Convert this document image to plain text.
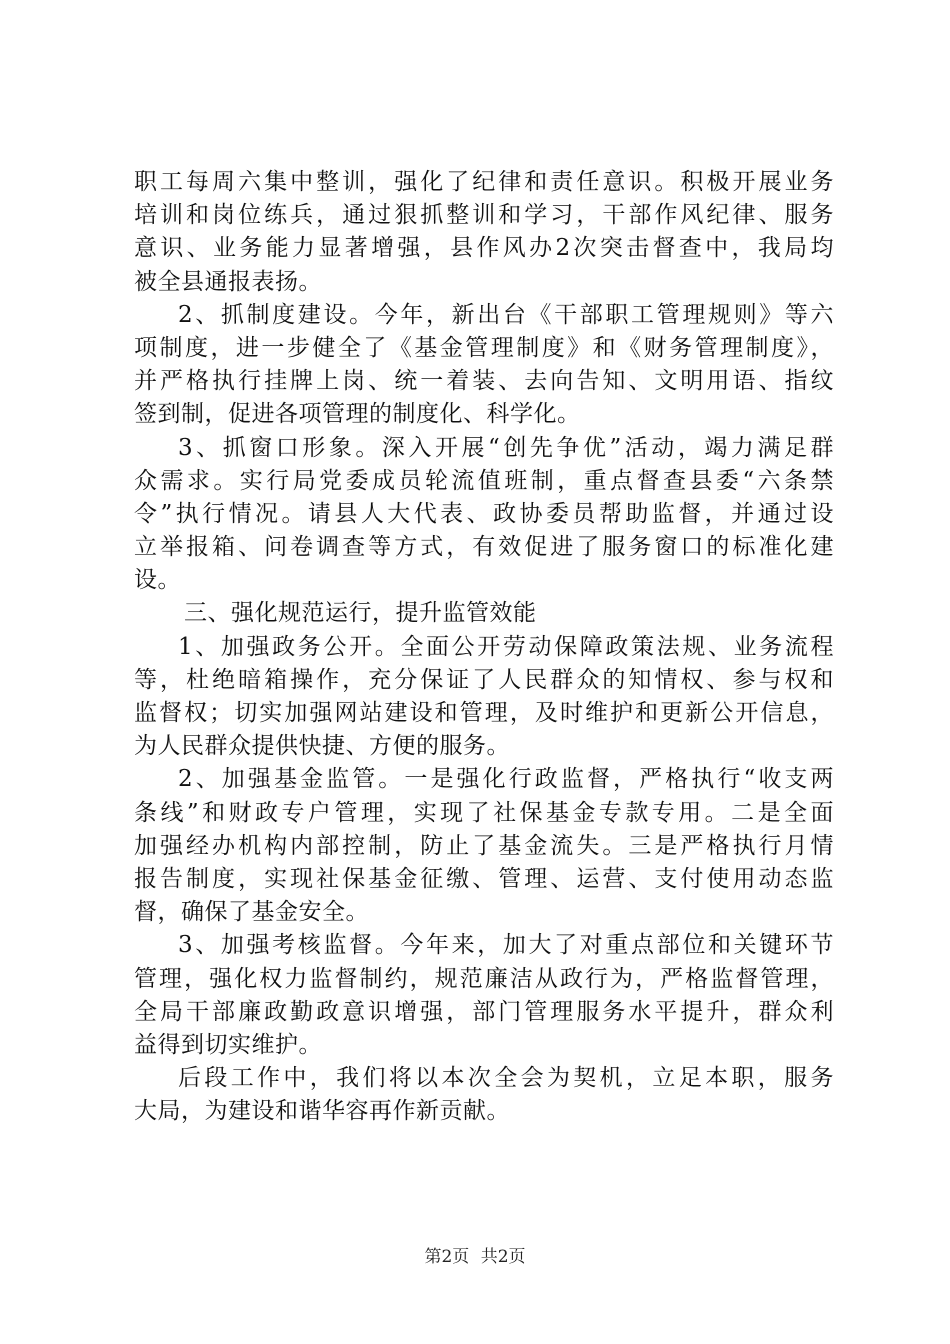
职工每周六集中整训，强化了纪律和责任意识。积极开展业务
培训和岗位练兵，通过狠抓整训和学习，干部作风纪律、服务
意识、业务能力显著增强，县作风办2次突击督查中，我局均
被全县通报表扬。
2、抓制度建设。今年，新出台《干部职工管理规则》等六
项制度，进一步健全了《基金管理制度》和《财务管理制度》，
并严格执行挂牌上岗、统一着装、去向告知、文明用语、指纹
签到制，促进各项管理的制度化、科学化。
3、抓窗口形象。深入开展“创先争优”活动，竭力满足群
众需求。实行局党委成员轮流值班制，重点督查县委“六条禁
令”执行情况。请县人大代表、政协委员帮助监督，并通过设
立举报箱、问卷调查等方式，有效促进了服务窗口的标准化建
设。
三、强化规范运行，提升监管效能
1、加强政务公开。全面公开劳动保障政策法规、业务流程
等，杜绝暗箱操作，充分保证了人民群众的知情权、参与权和
监督权；切实加强网站建设和管理，及时维护和更新公开信息，
为人民群众提供快捷、方便的服务。
2、加强基金监管。一是强化行政监督，严格执行“收支两
条线”和财政专户管理，实现了社保基金专款专用。二是全面
加强经办机构内部控制，防止了基金流失。三是严格执行月情
报告制度，实现社保基金征缴、管理、运营、支付使用动态监
督，确保了基金安全。
3、加强考核监督。今年来，加大了对重点部位和关键环节
管理，强化权力监督制约，规范廉洁从政行为，严格监督管理，
全局干部廉政勤政意识增强，部门管理服务水平提升，群众利
益得到切实维护。
后段工作中，我们将以本次全会为契机，立足本职，服务
大局，为建设和谐华容再作新贡献。
第2页 共2页
